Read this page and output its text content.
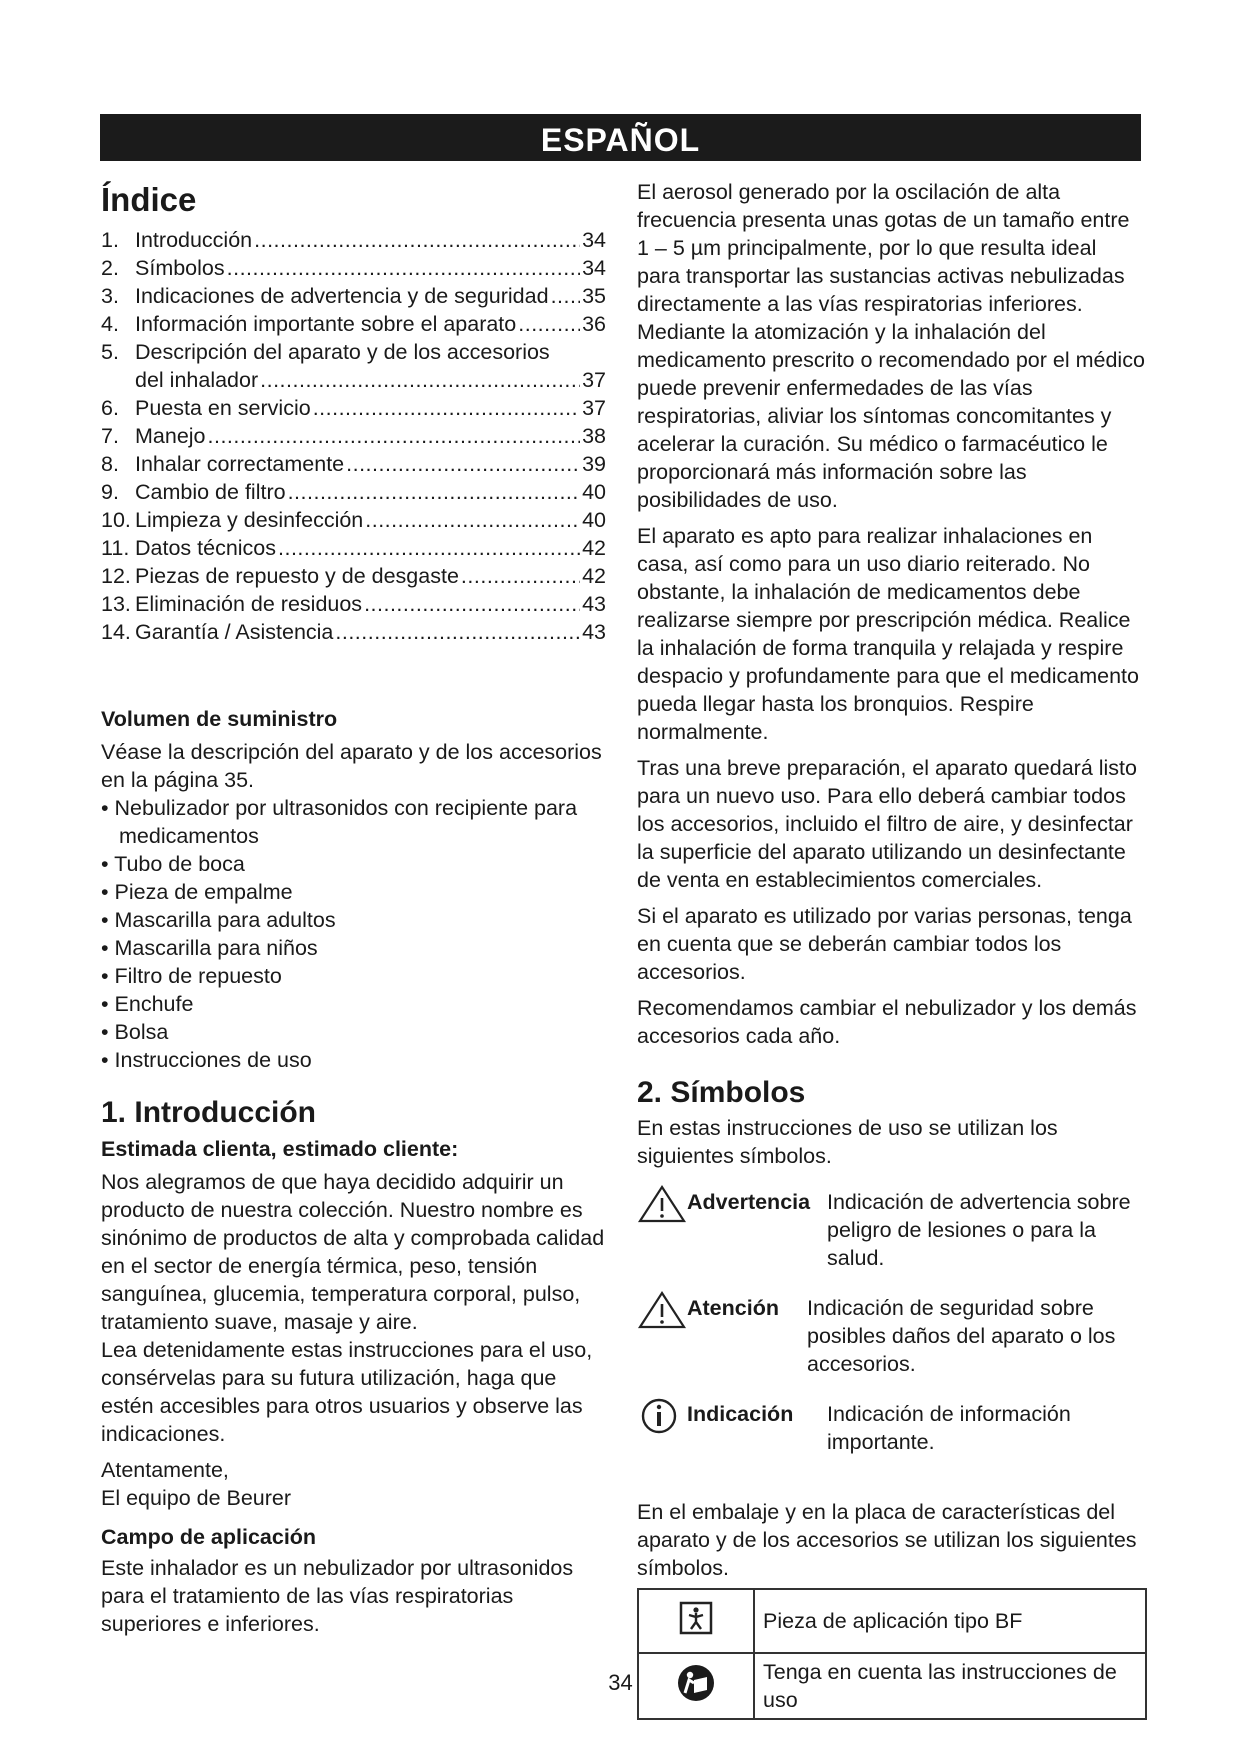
ESPAÑOL
Índice
1. Introducción .....	34
2. Símbolos .....	34
3. Indicaciones de advertencia y de seguridad ..... 35
4. Información importante sobre el aparato .....	36
5. Descripción del aparato y de los accesorios
del inhalador .....	37
6. Puesta en servicio .....	37
7. Manejo .....	38
8. Inhalar correctamente .....	39
9. Cambio de filtro .....	40
10. Limpieza y desinfección .....	40
11. Datos técnicos .....	42
12. Piezas de repuesto y de desgaste .....	42
13. Eliminación de residuos .....	43
14. Garantía / Asistencia .....	43
Volumen de suministro

Véase la descripción del aparato y de los accesorios en la página 35.

• Nebulizador por ultrasonidos con recipiente para medicamentos
• Tubo de boca
• Pieza de empalme
• Mascarilla para adultos
• Mascarilla para niños
• Filtro de repuesto
• Enchufe
• Bolsa
• Instrucciones de uso
1. Introducción
Estimada clienta, estimado cliente:

Nos alegramos de que haya decidido adquirir un producto de nuestra colección. Nuestro nombre es sinónimo de productos de alta y comprobada calidad en el sector de energía térmica, peso, tensión sanguínea, glucemia, temperatura corporal, pulso, tratamiento suave, masaje y aire.

Lea detenidamente estas instrucciones para el uso, consérvelas para su futura utilización, haga que estén accesibles para otros usuarios y observe las indicaciones.

Atentamente,

El equipo de Beurer

Campo de aplicación

Este inhalador es un nebulizador por ultrasonidos para el tratamiento de las vías respiratorias superiores e inferiores.

El aerosol generado por la oscilación de alta frecuencia presenta unas gotas de un tamaño entre 1 – 5 µm principalmente, por lo que resulta ideal para transportar las sustancias activas nebulizadas directamente a las vías respiratorias inferiores.

Mediante la atomización y la inhalación del medicamento prescrito o recomendado por el médico puede prevenir enfermedades de las vías respiratorias, aliviar los síntomas concomitantes y acelerar la curación. Su médico o farmacéutico le proporcionará más información sobre las posibilidades de uso.

El aparato es apto para realizar inhalaciones en casa, así como para un uso diario reiterado. No obstante, la inhalación de medicamentos debe realizarse siempre por prescripción médica. Realice la inhalación de forma tranquila y relajada y respire despacio y profundamente para que el medicamento pueda llegar hasta los bronquios. Respire normalmente.

Tras una breve preparación, el aparato quedará listo para un nuevo uso. Para ello deberá cambiar todos los accesorios, incluido el filtro de aire, y desinfectar la superficie del aparato utilizando un desinfectante de venta en establecimientos comerciales.

Si el aparato es utilizado por varias personas, tenga en cuenta que se deberán cambiar todos los accesorios.

Recomendamos cambiar el nebulizador y los demás accesorios cada año.

2. Símbolos

En estas instrucciones de uso se utilizan los siguientes símbolos.

Advertencia Indicación de advertencia sobre peligro de lesiones o para la salud.
Atención	Indicación de seguridad sobre posibles daños del aparato o los accesorios.
Indicación	Indicación de información importante.

En el embalaje y en la placa de características del aparato y de los accesorios se utilizan los siguientes símbolos.

	Pieza de aplicación tipo BF
	Tenga en cuenta las instrucciones de uso
34
